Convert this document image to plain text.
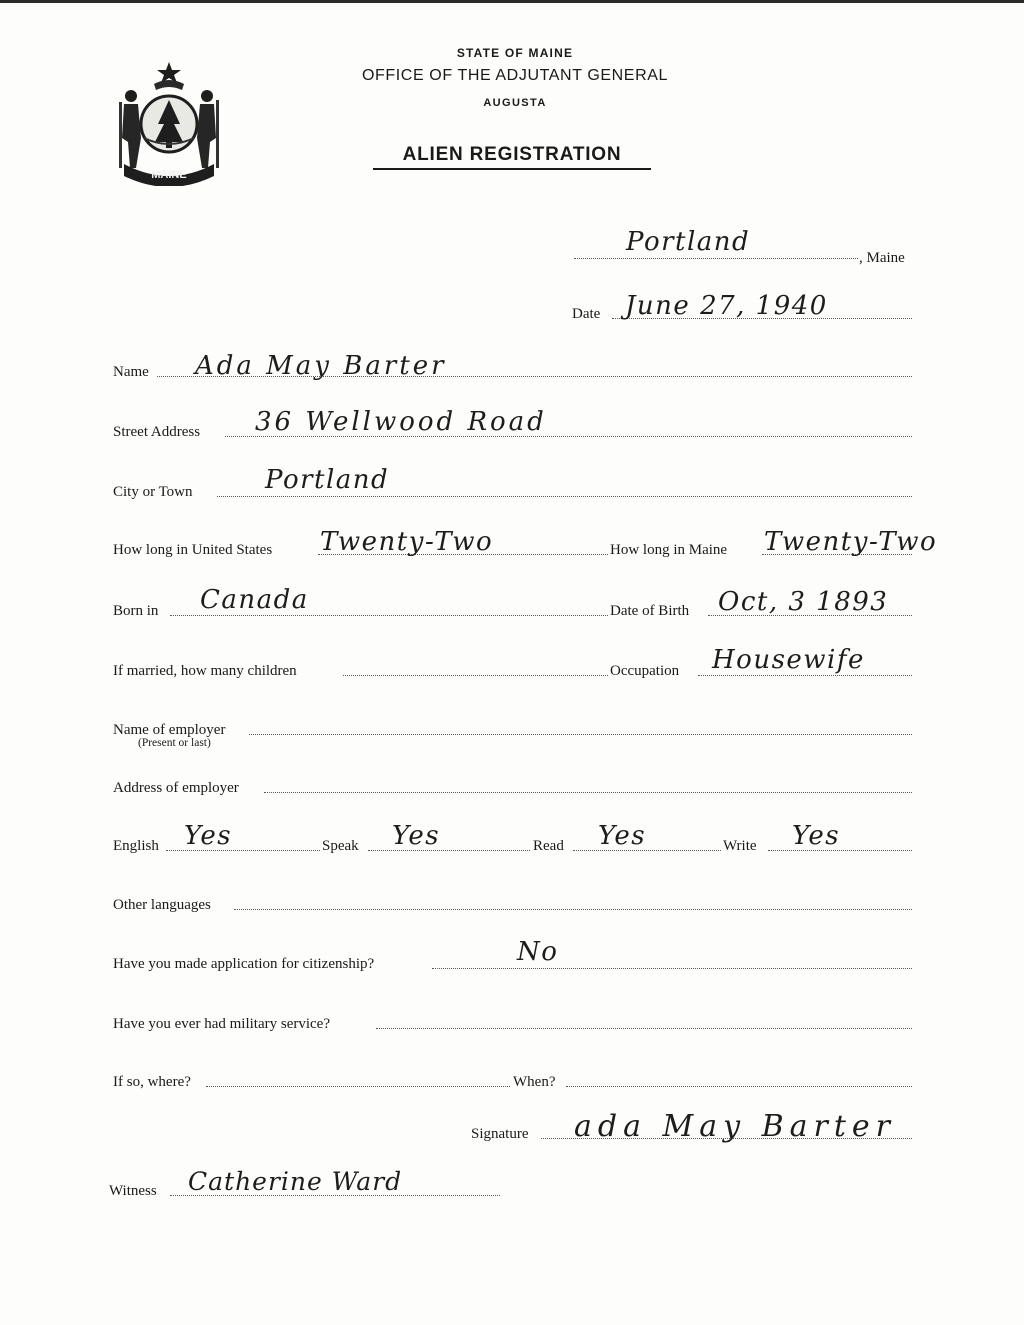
MAINE
STATE OF MAINE
OFFICE OF THE ADJUTANT GENERAL
AUGUSTA
ALIEN REGISTRATION
Portland
, Maine
Date June 27, 1940
Name Ada May Barter
Street Address 36 Wellwood Road
City or Town	Portland
How long in United States Twenty-Two	How long in Maine Twenty-Two
Born in Canada	Date of Birth Oct, 3 1893
If married, how many children	Occupation Housewife
Name of employer
(Present or last)
Address of employer
English Yes	Speak Yes	Read Yes	Write Yes
Other languages
Have you made application for citizenship?	No
Have you ever had military service?
If so, where?	When?
Signature ada May Barter
Witness Catherine Ward
